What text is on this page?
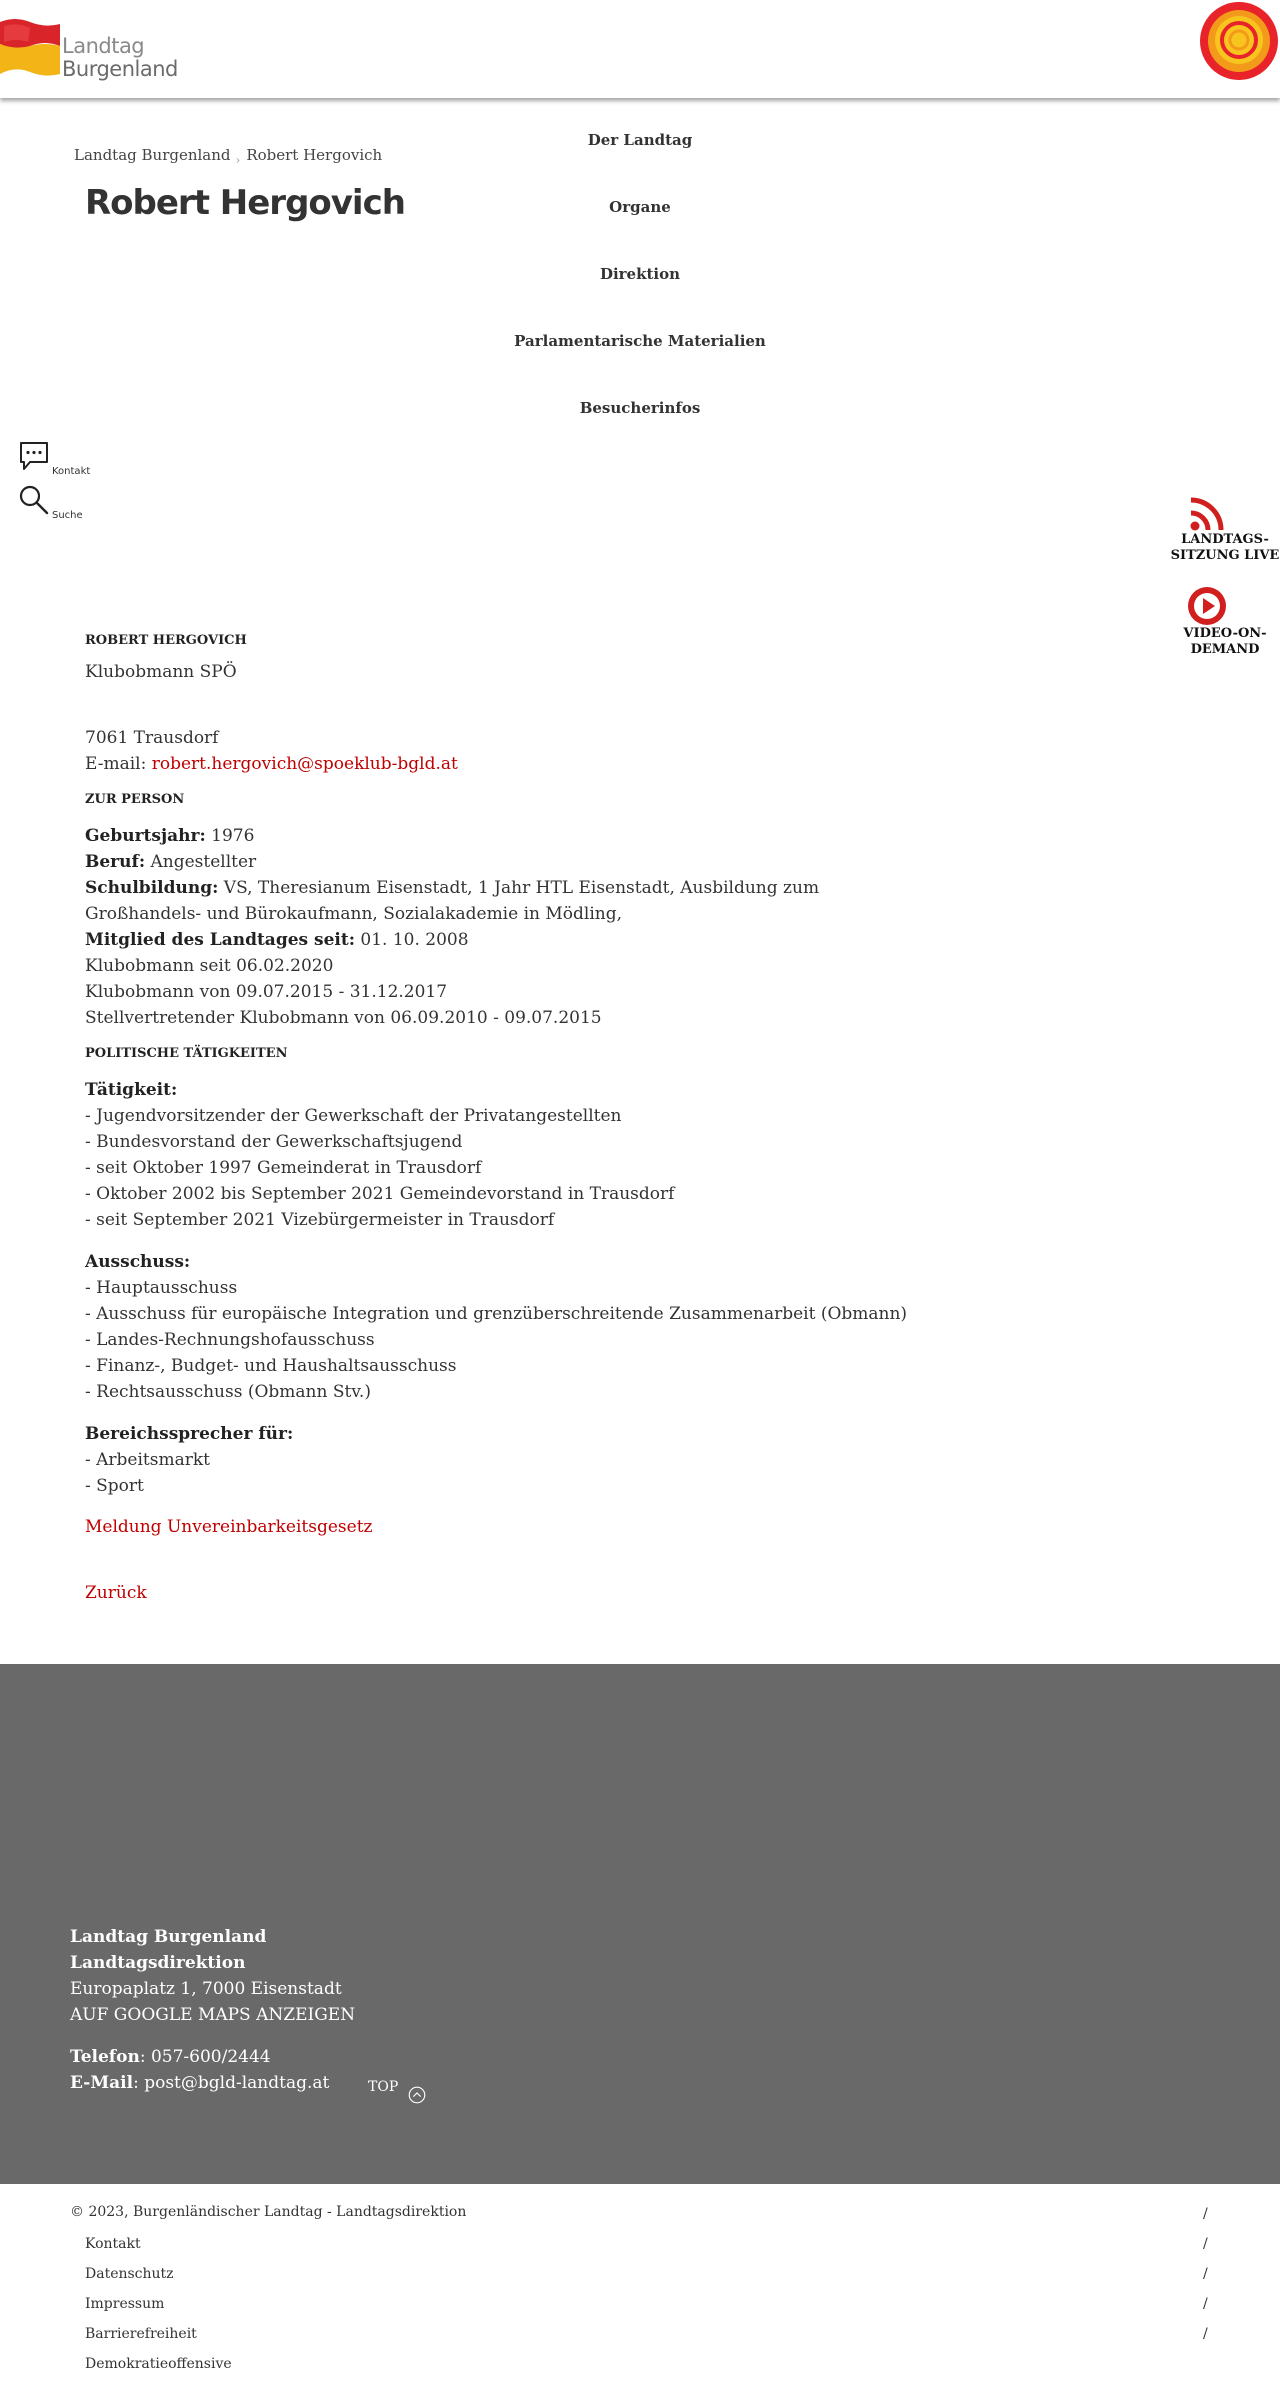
Landtag
Burgenland
Landtag Burgenland › Robert Hergovich
Robert Hergovich
Der Landtag
Organe
Direktion
Parlamentarische Materialien
Besucherinfos
Kontakt
Suche
LANDTAGS-
SITZUNG LIVE
VIDEO-ON-
DEMAND

ROBERT HERGOVICH

Klubobmann SPÖ

7061 Trausdorf

E-mail: robert.hergovich@spoeklub-bgld.at

ZUR PERSON

Geburtsjahr: 1976

Beruf: Angestellter

Schulbildung: VS, Theresianum Eisenstadt, 1 Jahr HTL Eisenstadt, Ausbildung zum

Großhandels- und Bürokaufmann, Sozialakademie in Mödling,

Mitglied des Landtages seit: 01. 10. 2008

Klubobmann seit 06.02.2020

Klubobmann von 09.07.2015 - 31.12.2017

Stellvertretender Klubobmann von 06.09.2010 - 09.07.2015

POLITISCHE TÄTIGKEITEN

Tätigkeit:

- Jugendvorsitzender der Gewerkschaft der Privatangestellten

- Bundesvorstand der Gewerkschaftsjugend

- seit Oktober 1997 Gemeinderat in Trausdorf

- Oktober 2002 bis September 2021 Gemeindevorstand in Trausdorf

- seit September 2021 Vizebürgermeister in Trausdorf

Ausschuss:

- Hauptausschuss

- Ausschuss für europäische Integration und grenzüberschreitende Zusammenarbeit (Obmann)

- Landes-Rechnungshofausschuss

- Finanz-, Budget- und Haushaltsausschuss

- Rechtsausschuss (Obmann Stv.)

Bereichssprecher für:

- Arbeitsmarkt

- Sport

Meldung Unvereinbarkeitsgesetz

Zurück

Landtag Burgenland
Landtagsdirektion
Europaplatz 1, 7000 Eisenstadt
AUF GOOGLE MAPS ANZEIGEN
Telefon: 057-600/2444
E-Mail: post@bgld-landtag.at	TOP
© 2023, Burgenländischer Landtag - Landtagsdirektion
Kontakt
Datenschutz
Impressum
Barrierefreiheit
Demokratieoffensive
/
/
/
/
/
